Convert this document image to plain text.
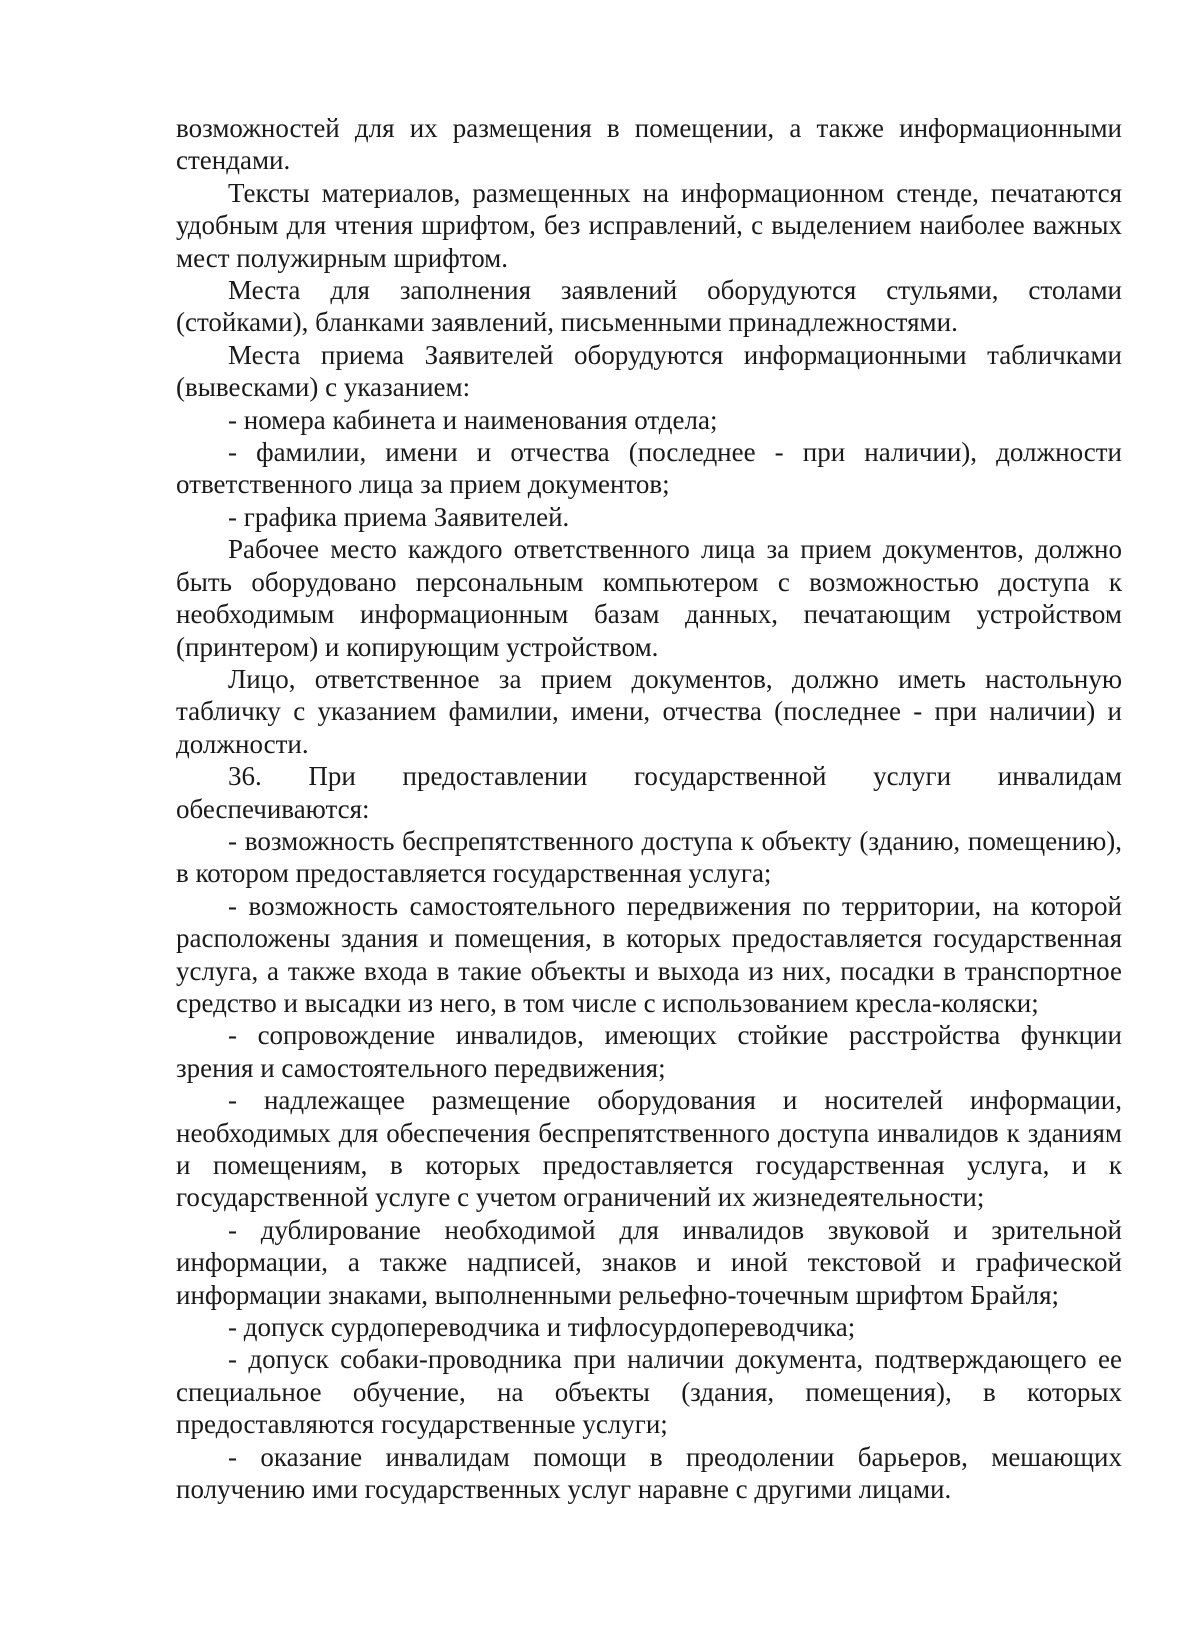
возможностей для их размещения в помещении, а также информационными стендами.

Тексты материалов, размещенных на информационном стенде, печатаются удобным для чтения шрифтом, без исправлений, с выделением наиболее важных мест полужирным шрифтом.

Места для заполнения заявлений оборудуются стульями, столами (стойками), бланками заявлений, письменными принадлежностями.

Места приема Заявителей оборудуются информационными табличками (вывесками) с указанием:

- номера кабинета и наименования отдела;

- фамилии, имени и отчества (последнее - при наличии), должности ответственного лица за прием документов;

- графика приема Заявителей.

Рабочее место каждого ответственного лица за прием документов, должно быть оборудовано персональным компьютером с возможностью доступа к необходимым информационным базам данных, печатающим устройством (принтером) и копирующим устройством.

Лицо, ответственное за прием документов, должно иметь настольную табличку с указанием фамилии, имени, отчества (последнее - при наличии) и должности.

36. При предоставлении государственной услуги инвалидам обеспечиваются:

- возможность беспрепятственного доступа к объекту (зданию, помещению), в котором предоставляется государственная услуга;

- возможность самостоятельного передвижения по территории, на которой расположены здания и помещения, в которых предоставляется государственная услуга, а также входа в такие объекты и выхода из них, посадки в транспортное средство и высадки из него, в том числе с использованием кресла-коляски;

- сопровождение инвалидов, имеющих стойкие расстройства функции зрения и самостоятельного передвижения;

- надлежащее размещение оборудования и носителей информации, необходимых для обеспечения беспрепятственного доступа инвалидов к зданиям и помещениям, в которых предоставляется государственная услуга, и к государственной услуге с учетом ограничений их жизнедеятельности;

- дублирование необходимой для инвалидов звуковой и зрительной информации, а также надписей, знаков и иной текстовой и графической информации знаками, выполненными рельефно-точечным шрифтом Брайля;

- допуск сурдопереводчика и тифлосурдопереводчика;

- допуск собаки-проводника при наличии документа, подтверждающего ее специальное обучение, на объекты (здания, помещения), в которых предоставляются государственные услуги;

- оказание инвалидам помощи в преодолении барьеров, мешающих получению ими государственных услуг наравне с другими лицами.
